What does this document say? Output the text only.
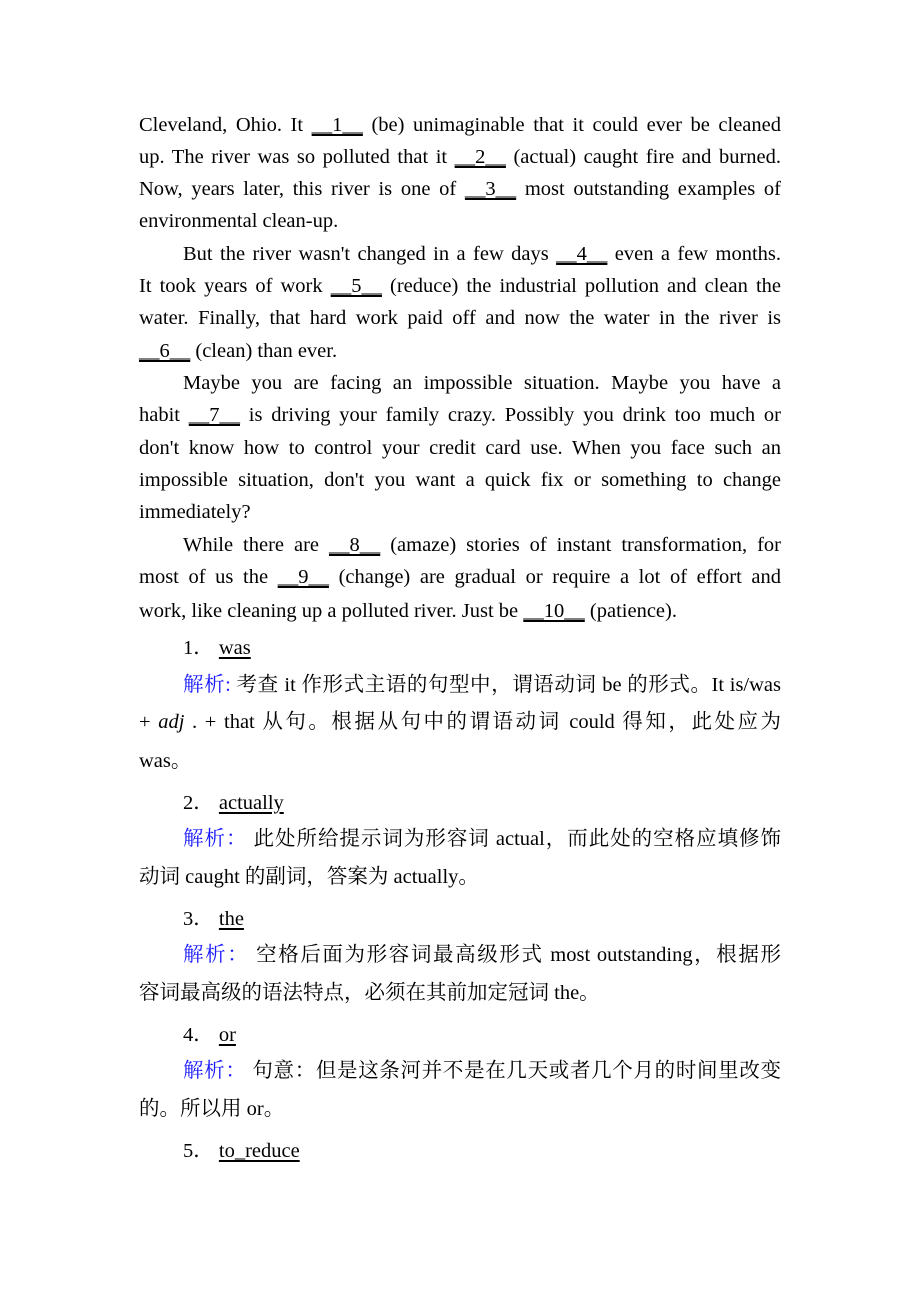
Cleveland, Ohio. It __1__ (be) unimaginable that it could ever be cleaned
up. The river was so polluted that it __2__ (actual) caught fire and burned.
Now, years later, this river is one of __3__ most outstanding examples of
environmental clean-up.
But the river wasn't changed in a few days __4__ even a few months.
It took years of work __5__ (reduce) the industrial pollution and clean the
water. Finally, that hard work paid off and now the water in the river is
__6__ (clean) than ever.
Maybe you are facing an impossible situation. Maybe you have a
habit __7__ is driving your family crazy. Possibly you drink too much or
don't know how to control your credit card use. When you face such an
impossible situation, don't you want a quick fix or something to change
immediately?
While there are __8__ (amaze) stories of instant transformation, for
most of us the __9__ (change) are gradual or require a lot of effort and
work, like cleaning up a polluted river. Just be __10__ (patience).
1． was
解析: 考查 it 作形式主语的句型中，谓语动词 be 的形式。It is/was
+ adj . + that 从句。根据从句中的谓语动词 could 得知，此处应为
was。
2． actually
解析： 此处所给提示词为形容词 actual，而此处的空格应填修饰
动词 caught 的副词，答案为 actually。
3． the
解析： 空格后面为形容词最高级形式 most outstanding，根据形
容词最高级的语法特点，必须在其前加定冠词 the。
4． or
解析： 句意：但是这条河并不是在几天或者几个月的时间里改变
的。所以用 or。
5． to_reduce
